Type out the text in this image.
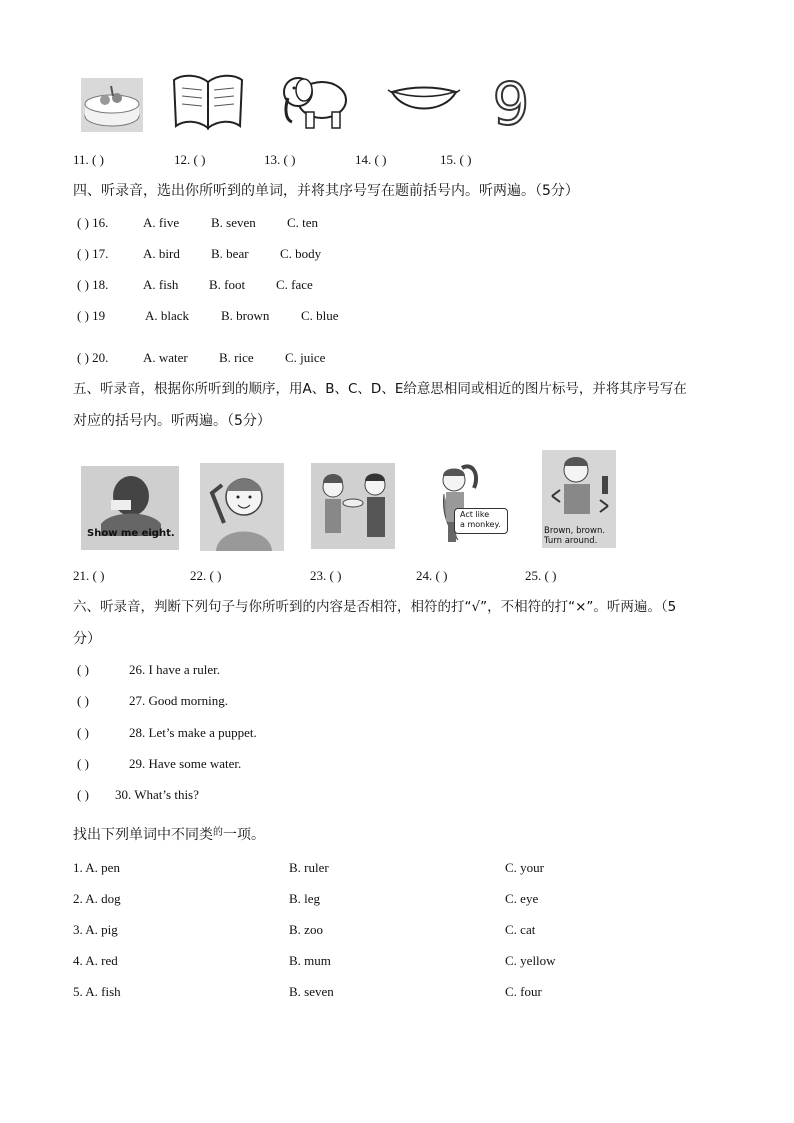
9
11. ( )	12. ( )	13. ( )	14. ( )	15. ( )
四、听录音，选出你所听到的单词，并将其序号写在题前括号内。听两遍。（5分）
( ) 16.	A. five B. seven C. ten
( ) 17.	A. bird B. bear C. body
( ) 18.	A. fish B. foot C. face
( ) 19	A. black B. brown C. blue
( ) 20.	A. water B. rice C. juice
五、听录音，根据你所听到的顺序，用A、B、C、D、E给意思相同或相近的图片标号，并将其序号写在
对应的括号内。听两遍。（5分）
Show me eight.
Act like
a monkey.
Brown, brown.
Turn around.
21. ( )	22. ( )	23. ( )	24. ( )	25. ( )
六、听录音，判断下列句子与你所听到的内容是否相符，相符的打“√”，不相符的打“×”。听两遍。（5
分）
( )	26. I have a ruler.
( )	27. Good morning.
( )	28. Let’s make a puppet.
( )	29. Have some water.
( ) 30. What’s this?
找出下列单词中不同类$^的$一项。
1. A. pen	B. ruler	C. your
2. A. dog	B. leg	C. eye
3. A. pig	B. zoo	C. cat
4. A. red	B. mum	C. yellow
5. A. fish	B. seven	C. four
